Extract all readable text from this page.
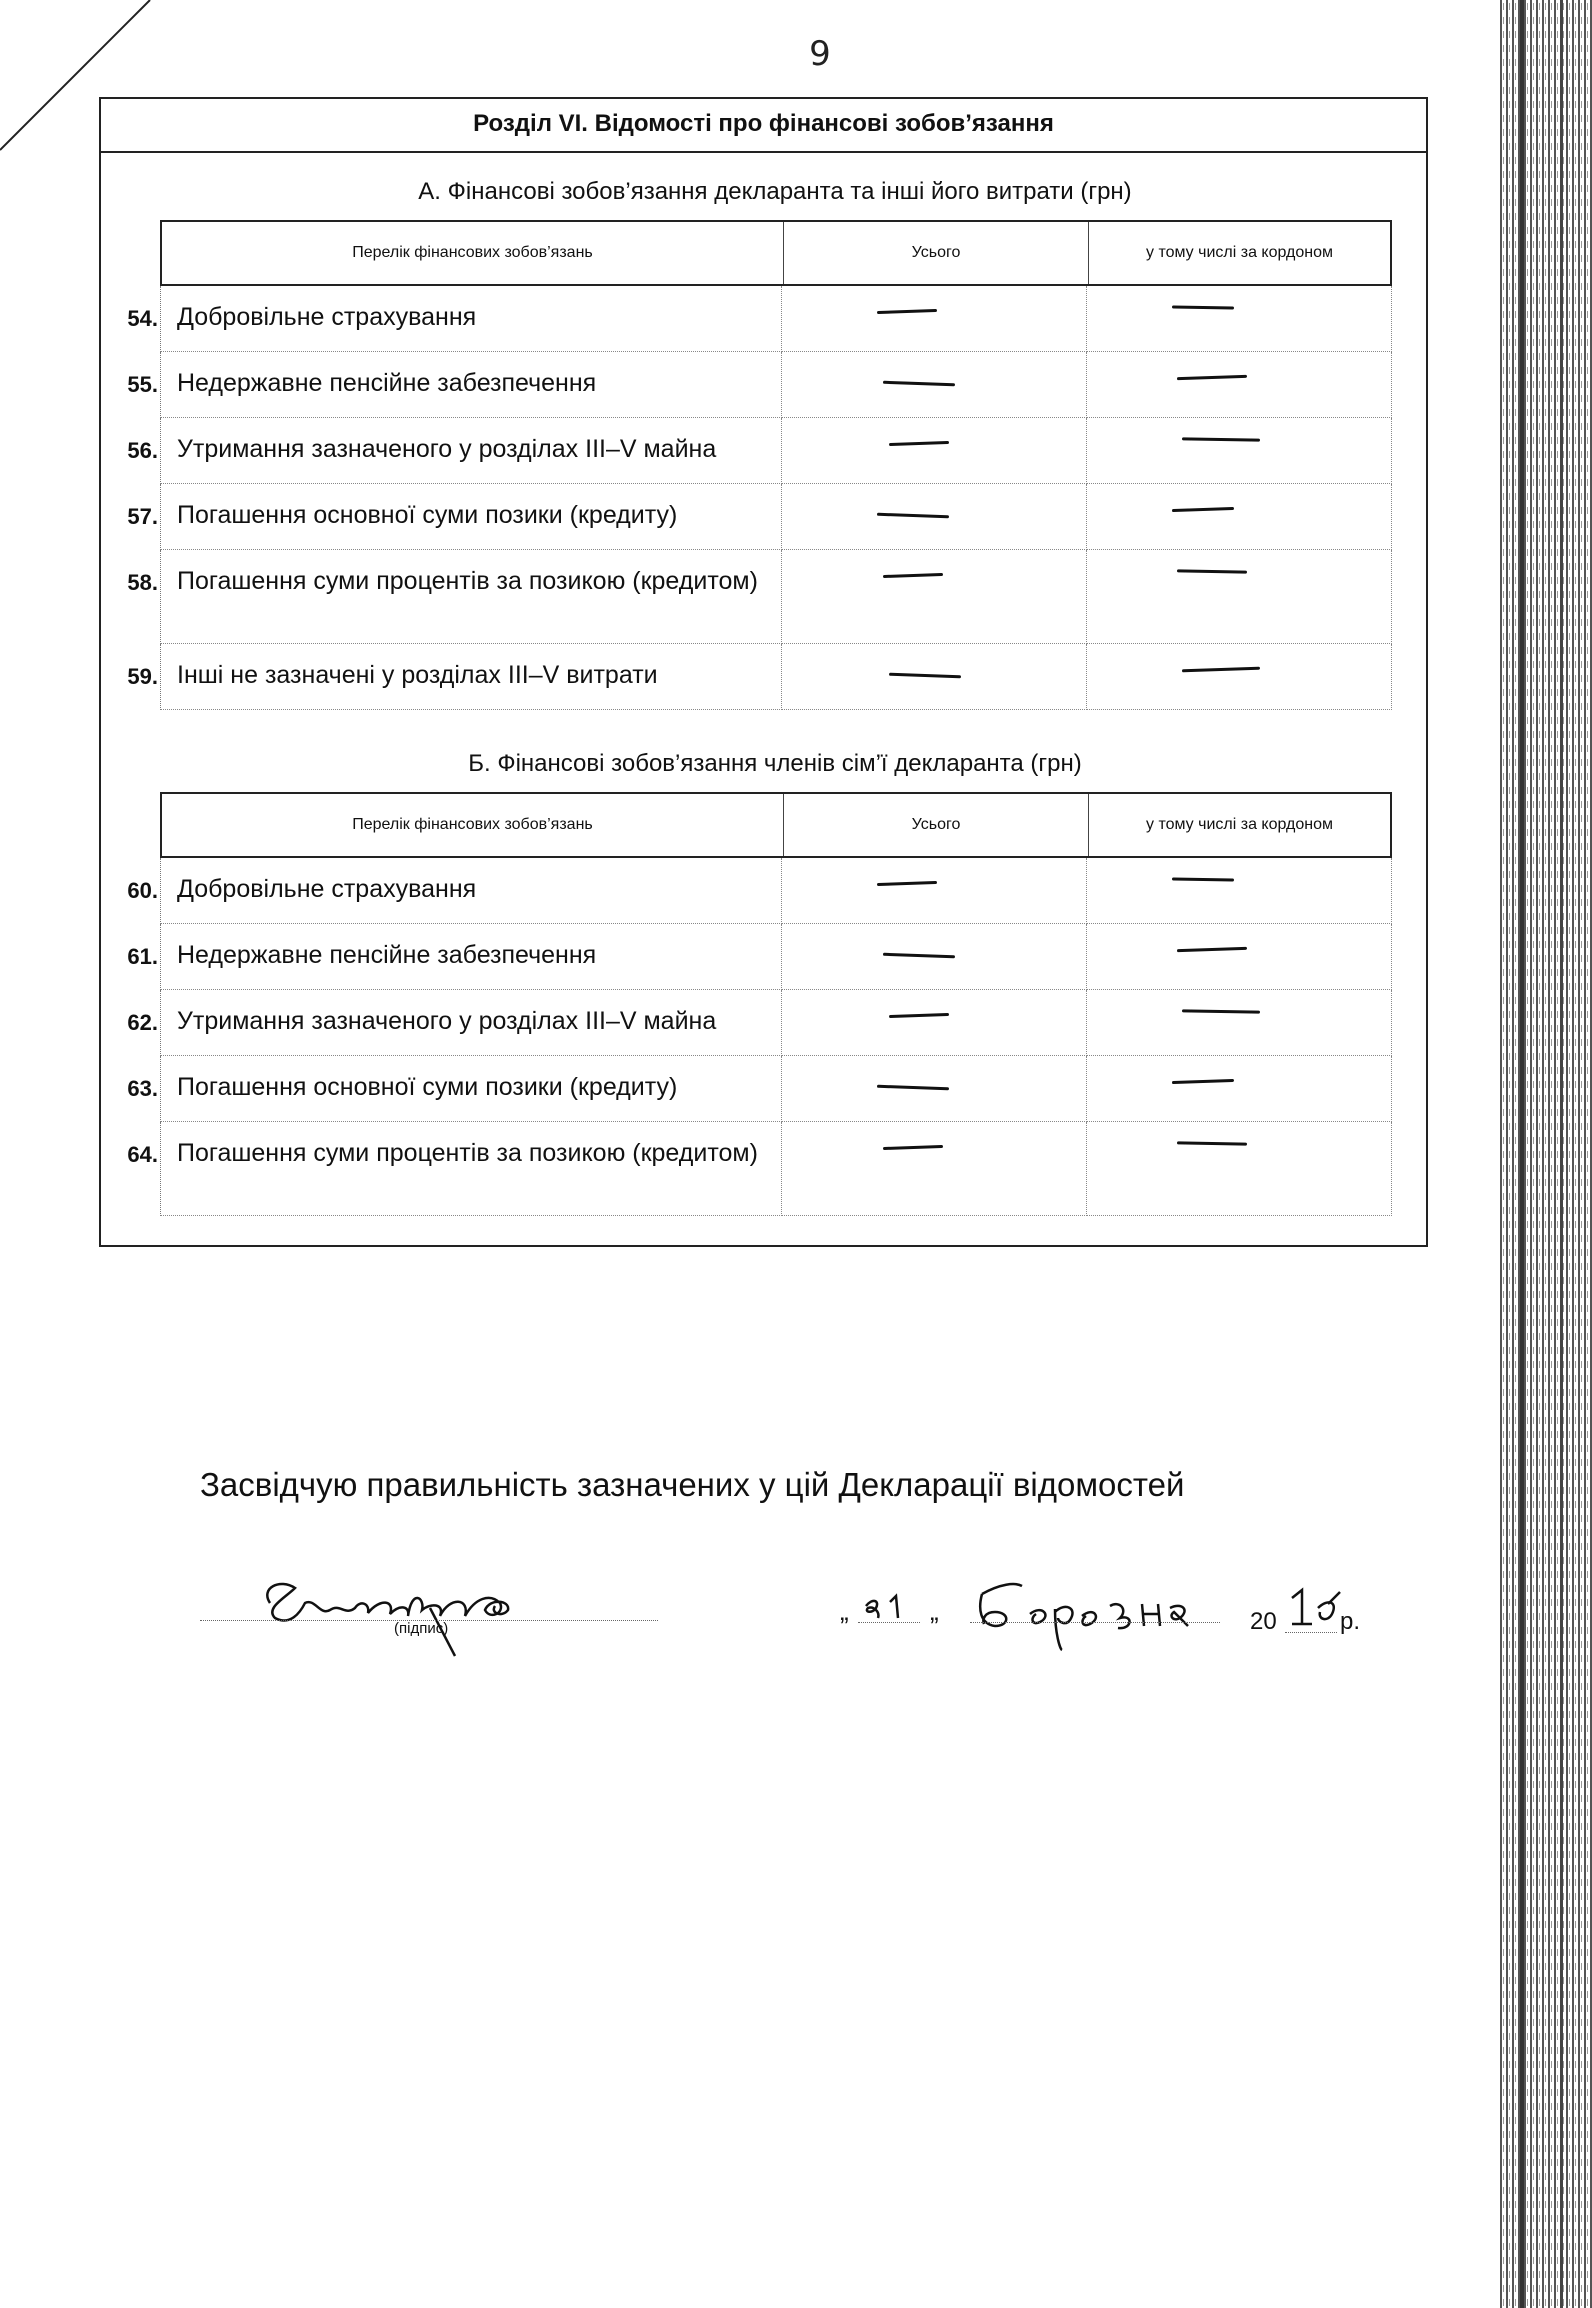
9
Розділ VI. Відомості про фінансові зобов’язання
А. Фінансові зобов’язання декларанта та інші його витрати (грн)
Перелік фінансових зобов’язань	Усього	у тому числі за кордоном
54. Добровільне страхування
55. Недержавне пенсійне забезпечення
56. Утримання зазначеного у розділах III–V майна
57. Погашення основної суми позики (кредиту)
58. Погашення суми процентів за позикою (кредитом)
59. Інші не зазначені у розділах III–V витрати
Б. Фінансові зобов’язання членів сім’ї декларанта (грн)
Перелік фінансових зобов’язань	Усього	у тому числі за кордоном
60. Добровільне страхування
61. Недержавне пенсійне забезпечення
62. Утримання зазначеного у розділах III–V майна
63. Погашення основної суми позики (кредиту)
64. Погашення суми процентів за позикою (кредитом)
Засвідчую правильність зазначених у цій Декларації відомостей
(підпис)
„	„	20	р.
